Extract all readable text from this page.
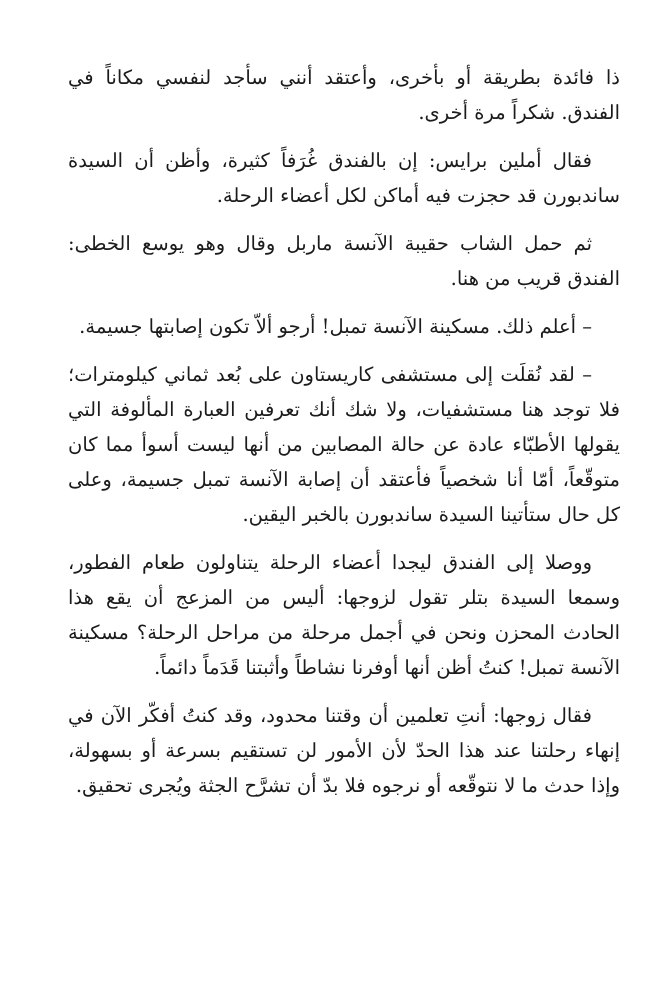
ذا فائدة بطريقة أو بأخرى، وأعتقد أنني سأجد لنفسي مكاناً في الفندق. شكراً مرة أخرى.

فقال أملين برايس: إن بالفندق غُرَفاً كثيرة، وأظن أن السيدة ساندبورن قد حجزت فيه أماكن لكل أعضاء الرحلة.

ثم حمل الشاب حقيبة الآنسة ماربل وقال وهو يوسع الخطى: الفندق قريب من هنا.

– أعلم ذلك. مسكينة الآنسة تمبل! أرجو ألاّ تكون إصابتها جسيمة.

– لقد نُقلَت إلى مستشفى كاريستاون على بُعد ثماني كيلومترات؛ فلا توجد هنا مستشفيات، ولا شك أنك تعرفين العبارة المألوفة التي يقولها الأطبّاء عادة عن حالة المصابين من أنها ليست أسوأ مما كان متوقّعاً، أمّا أنا شخصياً فأعتقد أن إصابة الآنسة تمبل جسيمة، وعلى كل حال ستأتينا السيدة ساندبورن بالخبر اليقين.

ووصلا إلى الفندق ليجدا أعضاء الرحلة يتناولون طعام الفطور، وسمعا السيدة بتلر تقول لزوجها: أليس من المزعج أن يقع هذا الحادث المحزن ونحن في أجمل مرحلة من مراحل الرحلة؟ مسكينة الآنسة تمبل! كنتُ أظن أنها أوفرنا نشاطاً وأثبتنا قَدَماً دائماً.

فقال زوجها: أنتِ تعلمين أن وقتنا محدود، وقد كنتُ أفكّر الآن في إنهاء رحلتنا عند هذا الحدّ لأن الأمور لن تستقيم بسرعة أو بسهولة، وإذا حدث ما لا نتوقّعه أو نرجوه فلا بدّ أن تشرَّح الجثة ويُجرى تحقيق.
